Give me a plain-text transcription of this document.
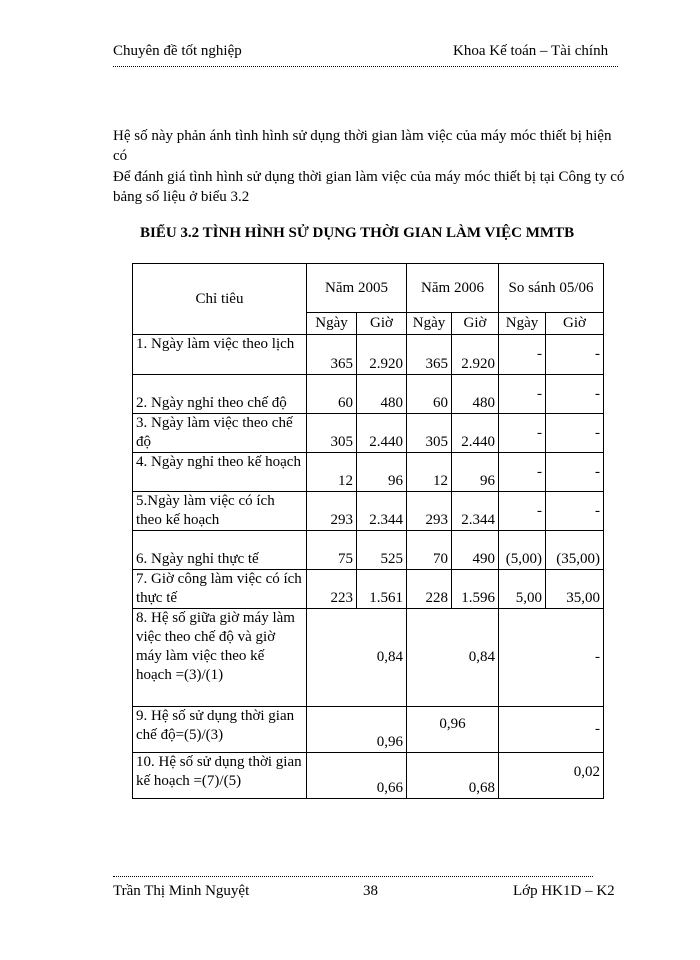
Chuyên đề tốt nghiệp	Khoa Kế toán – Tài chính
Hệ số này phản ánh tình hình sử dụng thời gian làm việc của máy móc thiết bị hiện có
Để đánh giá tình hình sử dụng thời gian làm việc của máy móc thiết bị tại Công ty có bảng số liệu ở biểu 3.2
BIỂU 3.2 TÌNH HÌNH SỬ DỤNG THỜI GIAN LÀM VIỆC MMTB
Chỉ tiêu	Năm 2005		Năm 2006		So sánh 05/06	
	Ngày	Giờ	Ngày	Giờ	Ngày	Giờ
1. Ngày làm việc theo lịch	365	2.920	365	2.920	-	-
2. Ngày nghỉ theo chế độ	60	480	60	480	-	-
3. Ngày làm việc theo chế độ	305	2.440	305	2.440	-	-
4. Ngày nghỉ theo kế hoạch	12	96	12	96	-	-
5.Ngày làm việc có ích theo kế hoạch	293	2.344	293	2.344	-	-
6. Ngày nghỉ thực tế	75	525	70	490	(5,00)	(35,00)
7. Giờ công làm việc có ích thực tế	223	1.561	228	1.596	5,00	35,00
8. Hệ số giữa giờ máy làm việc theo chế độ và giờ máy làm việc theo kế hoạch =(3)/(1)	0,84		0,84		-	
9. Hệ số sử dụng thời gian chế độ=(5)/(3)	0,96		0,96		-	
10. Hệ số sử dụng thời gian kế hoạch =(7)/(5)	0,66		0,68		0,02	
Trần Thị Minh Nguyệt	38	Lớp HK1D – K2
